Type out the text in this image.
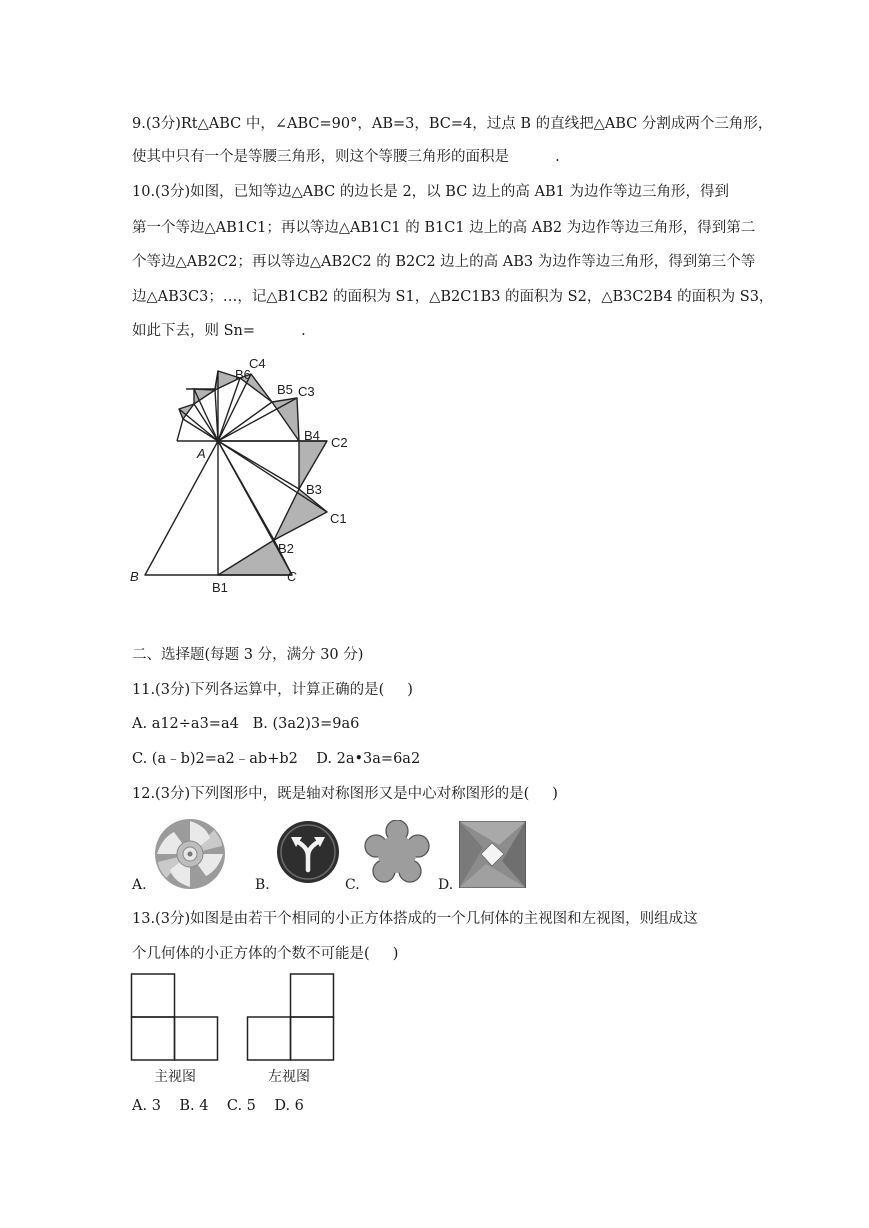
9.(3分)Rt△ABC 中，∠ABC=90°，AB=3，BC=4，过点 B 的直线把△ABC 分割成两个三角形，
使其中只有一个是等腰三角形，则这个等腰三角形的面积是          .
10.(3分)如图，已知等边△ABC 的边长是 2，以 BC 边上的高 AB1 为边作等边三角形，得到
第一个等边△AB1C1；再以等边△AB1C1 的 B1C1 边上的高 AB2 为边作等边三角形，得到第二
个等边△AB2C2；再以等边△AB2C2 的 B2C2 边上的高 AB3 为边作等边三角形，得到第三个等
边△AB3C3；…，记△B1CB2 的面积为 S1，△B2C1B3 的面积为 S2，△B3C2B4 的面积为 S3，
如此下去，则 Sn=          .
A
B
B1
C
B2
C1
B3
C2
B4
C3
B5
C4
B6
二、选择题(每题 3 分，满分 30 分)
11.(3分)下列各运算中，计算正确的是(     )
A. a12÷a3=a4   B. (3a2)3=9a6
C. (a﹣b)2=a2﹣ab+b2    D. 2a•3a=6a2
12.(3分)下列图形中，既是轴对称图形又是中心对称图形的是(     )
A.	B.	C.	D.
13.(3分)如图是由若干个相同的小正方体搭成的一个几何体的主视图和左视图，则组成这
个几何体的小正方体的个数不可能是(     )
主视图	左视图
A. 3    B. 4    C. 5    D. 6
